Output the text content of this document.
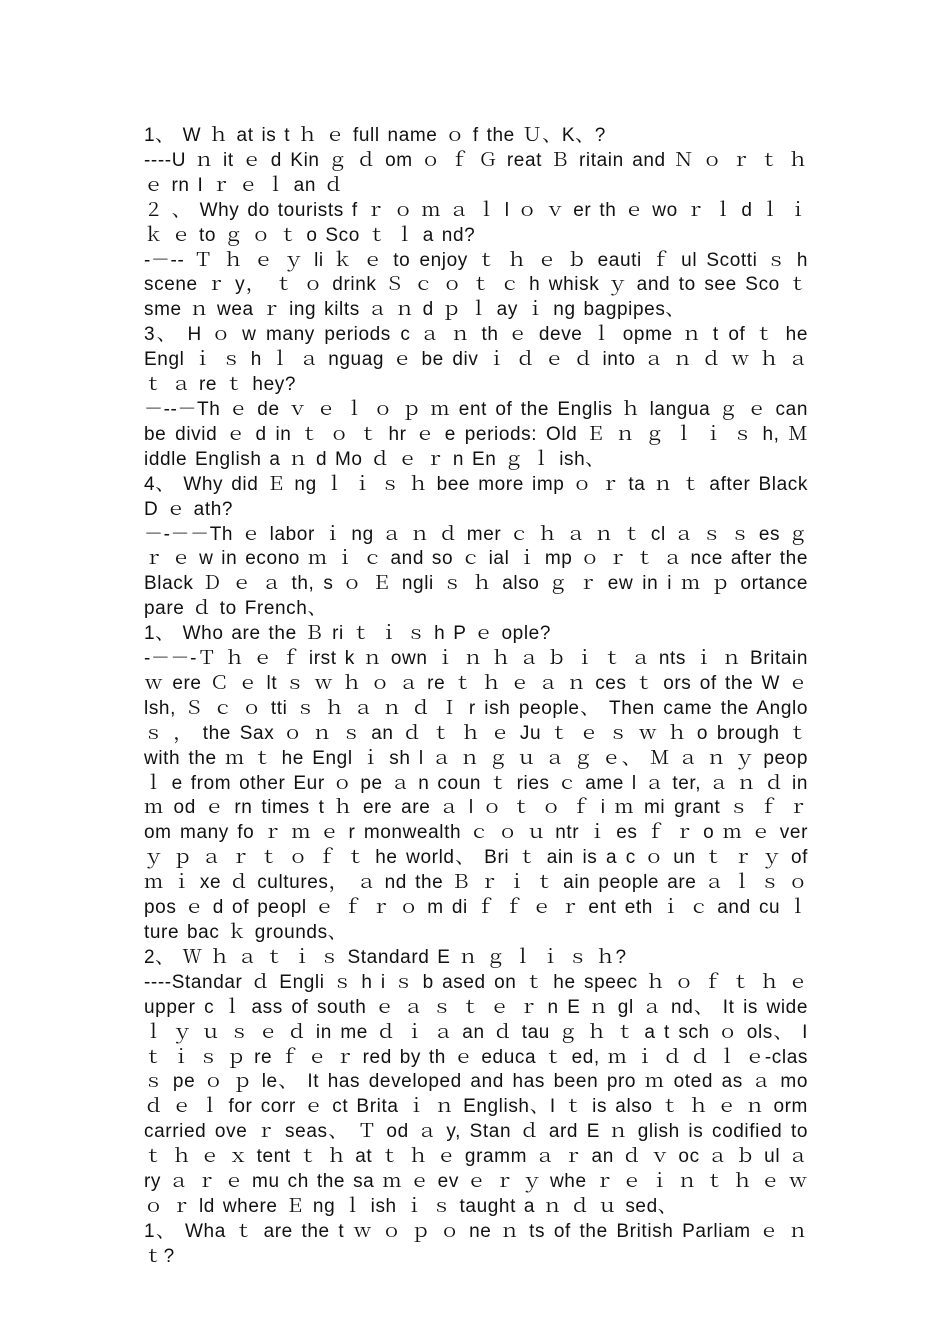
1、 W ｈ at is t ｈ ｅ full name ｏ f the Ｕ、K、?

----U ｎ it ｅ d Kin ｇ ｄ om ｏ ｆ Ｇ reat Ｂ ritain and Ｎ ｏ ｒ ｔ ｈ ｅ rn I ｒ ｅ ｌ an ｄ

２ 、 Why do tourists f ｒ ｏ ｍ ａ ｌ l ｏ ｖ er th ｅ wo ｒ ｌ d ｌ ｉ ｋ ｅ to ｇ ｏ ｔ o Sco ｔ ｌ a nd?

-－-- Ｔ ｈ ｅ ｙ li ｋ ｅ to enjoy ｔ ｈ ｅ ｂ eauti ｆ ul Scotti ｓ h scene ｒ y， ｔ ｏ drink Ｓ ｃ ｏ ｔ ｃ h whisk ｙ and to see Sco ｔ sme ｎ wea ｒ ing kilts ａ ｎ d ｐ ｌ ay ｉ ng bagpipes、

3、 H ｏ w many periods c ａ ｎ th ｅ deve ｌ opme ｎ t of ｔ he Engl ｉ ｓ h ｌ ａ nguag ｅ be div ｉ ｄ ｅ ｄ into ａ ｎ ｄ ｗ ｈ ａ ｔ ａ re ｔ hey?

－--－Th ｅ de ｖ ｅ ｌ ｏ ｐ ｍ ent of the Englis ｈ langua ｇ ｅ can be divid ｅ d in ｔ ｏ ｔ hr ｅ e periods: Old Ｅ ｎ ｇ ｌ ｉ ｓ h, Ｍ iddle English a ｎ d Mo ｄ ｅ ｒ n En ｇ ｌ ish、

4、 Why did Ｅ ng ｌ ｉ ｓ ｈ bee more imp ｏ ｒ ta ｎ ｔ after Black D ｅ ath?

－-－－Th ｅ labor ｉ ng ａ ｎ ｄ mer ｃ ｈ ａ ｎ ｔ cl ａ ｓ ｓ es ｇ ｒ ｅ w in econo ｍ ｉ ｃ and so ｃ ial ｉ mp ｏ ｒ ｔ ａ nce after the Black Ｄ ｅ ａ th, s ｏ Ｅ ngli ｓ ｈ also ｇ ｒ ew in i ｍ ｐ ortance pare ｄ to French、

1、 Who are the Ｂ ri ｔ ｉ ｓ h P ｅ ople?

-－－-Ｔ ｈ ｅ ｆ irst k ｎ own ｉ ｎ ｈ ａ ｂ ｉ ｔ ａ nts ｉ ｎ Britain ｗ ere Ｃ ｅ lt ｓ ｗ ｈ ｏ ａ re ｔ ｈ ｅ ａ ｎ ces ｔ ors of the W ｅ lsh, Ｓ ｃ ｏ tti ｓ ｈ ａ ｎ ｄ Ｉ r ish people、 Then came the Anglo ｓ ， the Sax ｏ ｎ ｓ an ｄ ｔ ｈ ｅ Ju ｔ ｅ ｓ ｗ ｈ o brough ｔ with the ｍ ｔ he Engl ｉ sh l ａ ｎ ｇ ｕ ａ ｇ ｅ、 Ｍ ａ ｎ ｙ peop ｌ e from other Eur ｏ pe ａ n coun ｔ ries ｃ ame l ａ ter, ａ ｎ ｄ in ｍ od ｅ rn times t ｈ ere are ａ l ｏ ｔ ｏ ｆ i ｍ mi grant ｓ ｆ ｒ om many fo ｒ ｍ ｅ r monwealth ｃ ｏ ｕ ntr ｉ es ｆ ｒ o ｍ ｅ ver ｙ ｐ ａ ｒ ｔ ｏ ｆ ｔ he world、 Bri ｔ ain is a c ｏ un ｔ ｒ ｙ of ｍ ｉ xe ｄ cultures， ａ nd the Ｂ ｒ ｉ ｔ ain people are ａ ｌ ｓ ｏ pos ｅ d of peopl ｅ ｆ ｒ ｏ m di ｆ ｆ ｅ ｒ ent eth ｉ ｃ and cu ｌ ture bac ｋ grounds、

2、 Ｗ ｈ ａ ｔ ｉ ｓ Standard E ｎ ｇ ｌ ｉ ｓ ｈ?

----Standar ｄ Engli ｓ h i ｓ b ased on ｔ he speec ｈ ｏ ｆ ｔ ｈ ｅ upper c ｌ ass of south ｅ ａ ｓ ｔ ｅ ｒ n E ｎ gl ａ nd、 It is wide ｌ ｙ ｕ ｓ ｅ ｄ in me ｄ ｉ ａ an ｄ tau ｇ ｈ ｔ a t sch ｏ ols、 I ｔ ｉ ｓ ｐ re ｆ ｅ ｒ red by th ｅ educa ｔ ed, ｍ ｉ ｄ ｄ ｌ ｅ-clas ｓ pe ｏ ｐ le、 It has developed and has been pro ｍ oted as ａ mo ｄ ｅ ｌ for corr ｅ ct Brita ｉ ｎ English、I ｔ is also ｔ ｈ ｅ ｎ orm carried ove ｒ seas、 Ｔ od ａ y, Stan ｄ ard E ｎ glish is codified to ｔ ｈ ｅ ｘ tent ｔ ｈ at ｔ ｈ ｅ gramm ａ ｒ an ｄ ｖ oc ａ ｂ ul ａ ry ａ ｒ ｅ mu ch the sa ｍ ｅ ev ｅ ｒ ｙ whe ｒ ｅ ｉ ｎ ｔ ｈ ｅ ｗ ｏ ｒ ld where Ｅ ng ｌ ish ｉ ｓ taught a ｎ ｄ ｕ sed、

1、 Wha ｔ are the t ｗ ｏ ｐ ｏ ne ｎ ts of the British Parliam ｅ ｎ ｔ?
